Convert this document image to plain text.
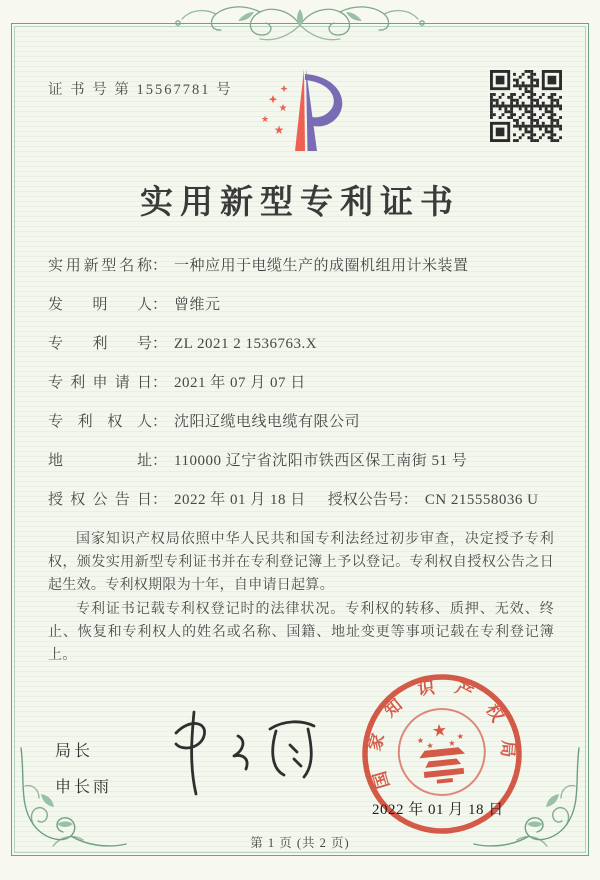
证 书 号 第 15567781 号
★
★
★
实用新型专利证书
实用新型名称 ： 一种应用于电缆生产的成圈机组用计米装置
发明人 ： 曾维元
专利号 ： ZL 2021 2 1536763.X
专利申请日 ： 2021 年 07 月 07 日
专利权人 ： 沈阳辽缆电线电缆有限公司
地址 ： 110000 辽宁省沈阳市铁西区保工南街 51 号
授权公告日 ： 2022 年 01 月 18 日 授权公告号 ： CN 215558036 U

国家知识产权局依照中华人民共和国专利法经过初步审查，决定授予专利权，颁发实用新型专利证书并在专利登记簿上予以登记。专利权自授权公告之日起生效。专利权期限为十年，自申请日起算。

专利证书记载专利权登记时的法律状况。专利权的转移、质押、无效、终止、恢复和专利权人的姓名或名称、国籍、地址变更等事项记载在专利登记簿上。

局长
申长雨	国家知识产权局
★
★
★ ★
★
2022 年 01 月 18 日
第 1 页 (共 2 页)
